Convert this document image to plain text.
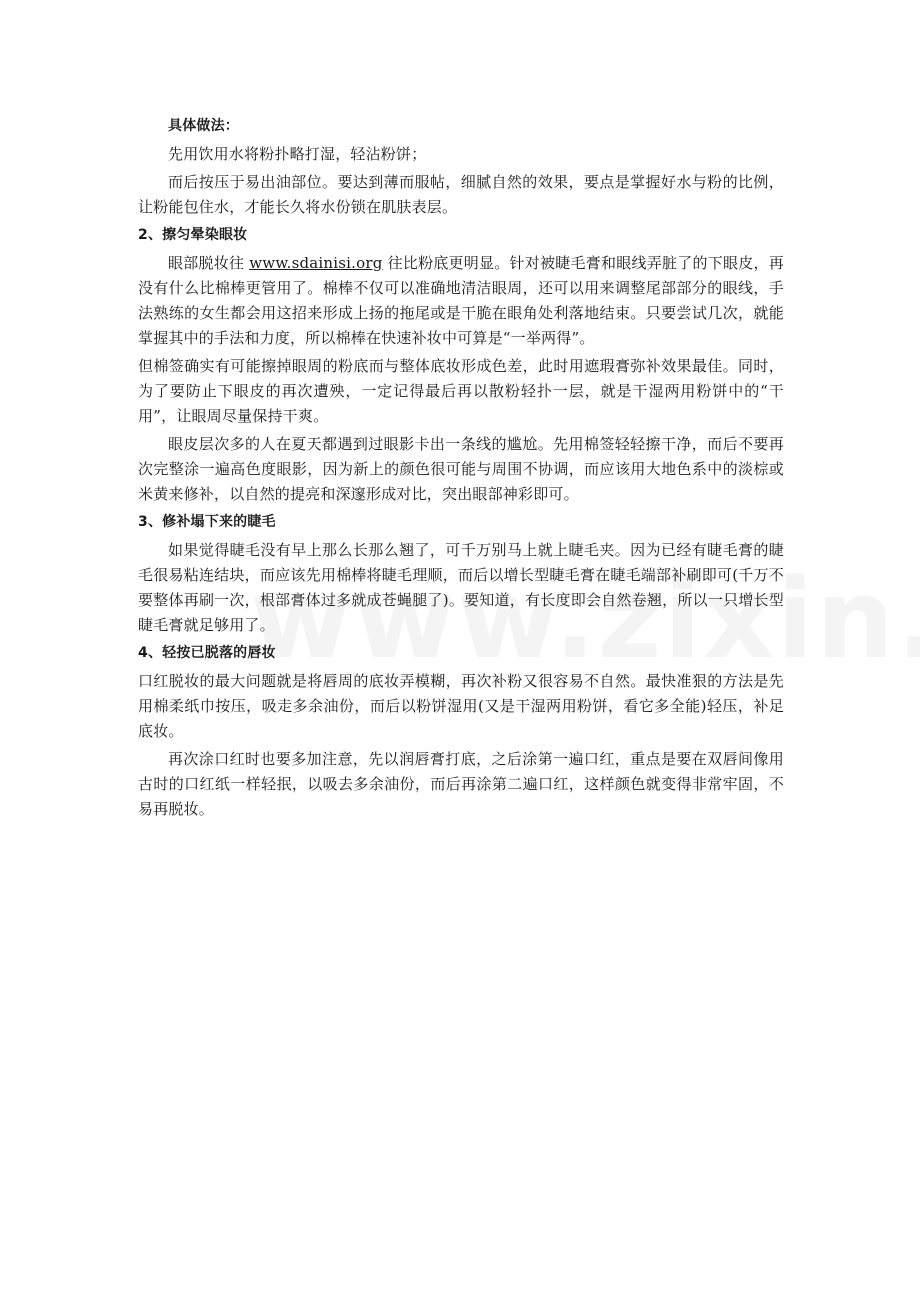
具体做法：

先用饮用水将粉扑略打湿，轻沾粉饼；

而后按压于易出油部位。要达到薄而服帖，细腻自然的效果，要点是掌握好水与粉的比例，让粉能包住水，才能长久将水份锁在肌肤表层。

2、擦匀晕染眼妆

眼部脱妆往 www.sdainisi.org 往比粉底更明显。针对被睫毛膏和眼线弄脏了的下眼皮，再没有什么比棉棒更管用了。棉棒不仅可以准确地清洁眼周，还可以用来调整尾部部分的眼线，手法熟练的女生都会用这招来形成上扬的拖尾或是干脆在眼角处利落地结束。只要尝试几次，就能掌握其中的手法和力度，所以棉棒在快速补妆中可算是“一举两得”。

但棉签确实有可能擦掉眼周的粉底而与整体底妆形成色差，此时用遮瑕膏弥补效果最佳。同时，为了要防止下眼皮的再次遭殃，一定记得最后再以散粉轻扑一层，就是干湿两用粉饼中的“干用”，让眼周尽量保持干爽。

眼皮层次多的人在夏天都遇到过眼影卡出一条线的尴尬。先用棉签轻轻擦干净，而后不要再次完整涂一遍高色度眼影，因为新上的颜色很可能与周围不协调，而应该用大地色系中的淡棕或米黄来修补，以自然的提亮和深邃形成对比，突出眼部神彩即可。

3、修补塌下来的睫毛

如果觉得睫毛没有早上那么长那么翘了，可千万别马上就上睫毛夹。因为已经有睫毛膏的睫毛很易粘连结块，而应该先用棉棒将睫毛理顺，而后以增长型睫毛膏在睫毛端部补刷即可(千万不要整体再刷一次，根部膏体过多就成苍蝇腿了)。要知道，有长度即会自然卷翘，所以一只增长型睫毛膏就足够用了。

4、轻按已脱落的唇妆

口红脱妆的最大问题就是将唇周的底妆弄模糊，再次补粉又很容易不自然。最快准狠的方法是先用棉柔纸巾按压，吸走多余油份，而后以粉饼湿用(又是干湿两用粉饼，看它多全能)轻压，补足底妆。

再次涂口红时也要多加注意，先以润唇膏打底，之后涂第一遍口红，重点是要在双唇间像用古时的口红纸一样轻抿，以吸去多余油份，而后再涂第二遍口红，这样颜色就变得非常牢固，不易再脱妆。
